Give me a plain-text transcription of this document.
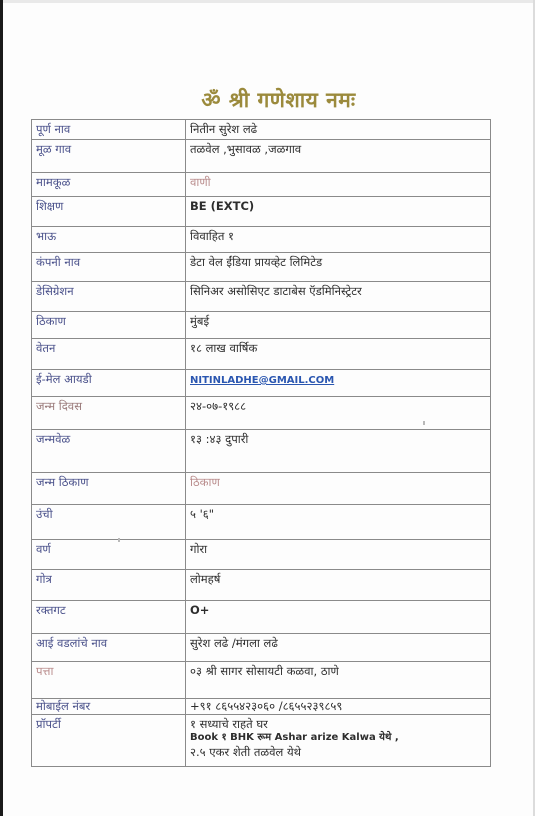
ॐ श्री गणेशाय नमः
पूर्ण नाव	नितीन सुरेश लढे
मूळ गाव	तळवेल ,भुसावळ ,जळगाव
मामकूळ	वाणी
शिक्षण	BE (EXTC)
भाऊ	विवाहित १
कंपनी नाव	डेटा वेल ईंडिया प्रायव्हेट लिमिटेड
डेसिग्रेशन	सिनिअर असोसिएट डाटाबेस ऍडमिनिस्ट्रेटर
ठिकाण	मुंबई
वेतन	१८ लाख वार्षिक
ई-मेल आयडी	NITINLADHE@GMAIL.COM
जन्म दिवस	२४-०७-१९८८
जन्मवेळ	१३ :४३ दुपारी
जन्म ठिकाण	ठिकाण
उंची	५ '६"
वर्ण	गोरा
गोत्र	लोमहर्ष
रक्तगट	O+
आई वडलांचे नाव	सुरेश लढे /मंगला लढे
पत्ता	०३ श्री सागर सोसायटी कळवा, ठाणे
मोबाईल नंबर	+९१ ८६५५४२३०६० /८६५५२३९८५९
प्रॉपर्टी	१ सध्याचे राहते घर
Book १ BHK रूम Ashar arize Kalwa येथे ,
२.५ एकर शेती तळवेल येथे
